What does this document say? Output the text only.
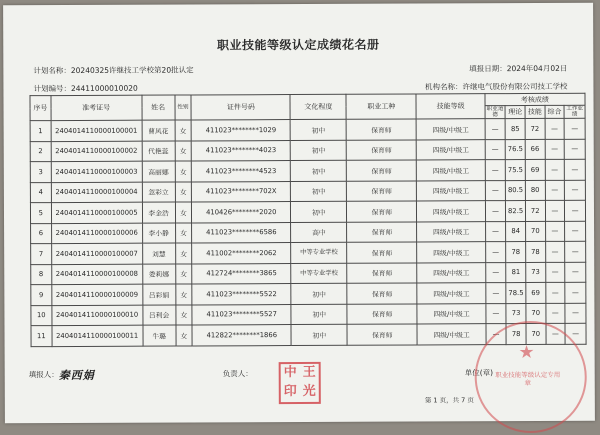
职业技能等级认定成绩花名册
计划名称：20240325许继技工学校第20批认定	填报日期：2024年04月02日
计划编号：24411000010020	机构名称：许继电气股份有限公司技工学校
序号	准考证号	姓名	性别	证件号码	文化程度	职业工种	技能等级	考核成绩				
								职业道德	理论	技能	综合	工作业绩
1	2404014110000100001	曹风花	女	411023********1029	初中	保育师	四级/中级工	—	85	72	—	—
2	2404014110000100002	代艳蕊	女	411023********4023	初中	保育师	四级/中级工	—	76.5	66	—	—
3	2404014110000100003	高丽娜	女	411023********4523	初中	保育师	四级/中级工	—	75.5	69	—	—
4	2404014110000100004	忽彩立	女	411023********702X	初中	保育师	四级/中级工	—	80.5	80	—	—
5	2404014110000100005	李金浩	女	410426********2020	初中	保育师	四级/中级工	—	82.5	72	—	—
6	2404014110000100006	李小静	女	411023********6586	高中	保育师	四级/中级工	—	84	70	—	—
7	2404014110000100007	刘慧	女	411002********2062	中等专业学校	保育师	四级/中级工	—	78	78	—	—
8	2404014110000100008	娄莉娜	女	412724********3865	中等专业学校	保育师	四级/中级工	—	81	73	—	—
9	2404014110000100009	吕彩娟	女	411023********5522	初中	保育师	四级/中级工	—	78.5	69	—	—
10	2404014110000100010	吕利会	女	411023********5527	初中	保育师	四级/中级工	—	73	70	—	—
11	2404014110000100011	牛璐	女	412822********1866	初中	保育师	四级/中级工	—	78	70	—	—
填报人： 秦西娟	负责人： 中 王
印 光
单位(章)
★
职业技能等级认定专用章
第 1 页，共 7 页
